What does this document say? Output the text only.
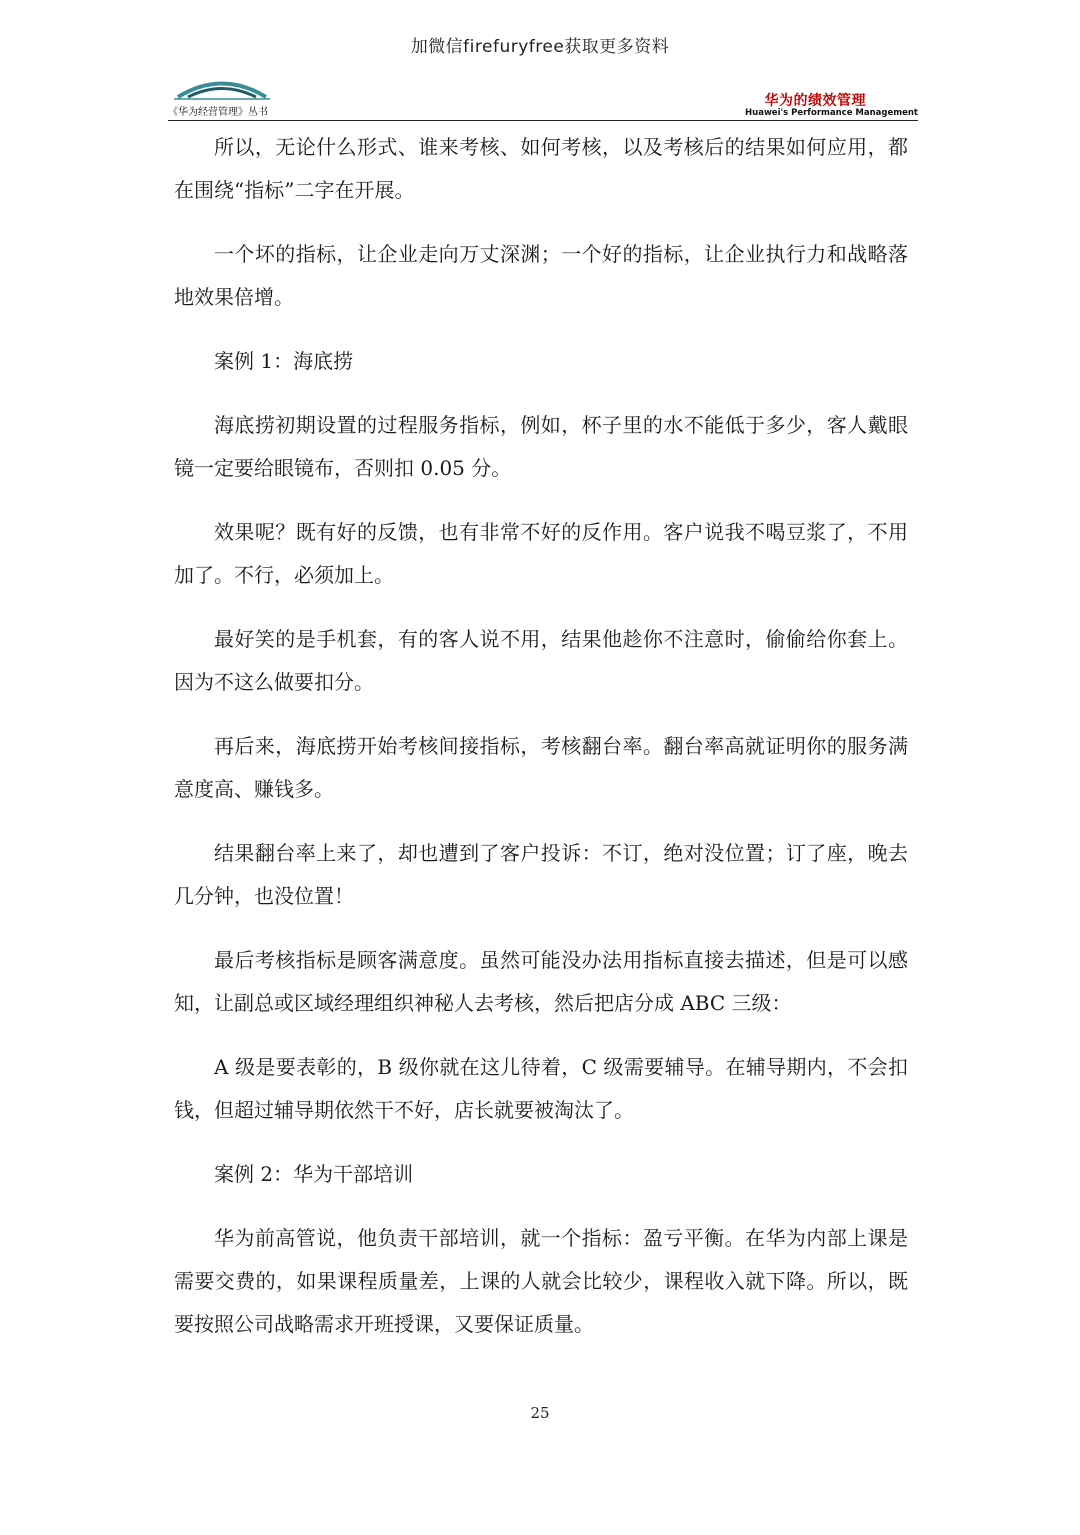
加微信firefuryfree获取更多资料
《华为经营管理》丛书
华为的绩效管理
Huawei's Performance Management

所以，无论什么形式、谁来考核、如何考核，以及考核后的结果如何应用，都在围绕“指标”二字在开展。

一个坏的指标，让企业走向万丈深渊；一个好的指标，让企业执行力和战略落地效果倍增。

案例 1：海底捞

海底捞初期设置的过程服务指标，例如，杯子里的水不能低于多少，客人戴眼镜一定要给眼镜布，否则扣 0.05 分。

效果呢？既有好的反馈，也有非常不好的反作用。客户说我不喝豆浆了，不用加了。不行，必须加上。

最好笑的是手机套，有的客人说不用，结果他趁你不注意时，偷偷给你套上。因为不这么做要扣分。

再后来，海底捞开始考核间接指标，考核翻台率。翻台率高就证明你的服务满意度高、赚钱多。

结果翻台率上来了，却也遭到了客户投诉：不订，绝对没位置；订了座，晚去几分钟，也没位置！

最后考核指标是顾客满意度。虽然可能没办法用指标直接去描述，但是可以感知，让副总或区域经理组织神秘人去考核，然后把店分成 ABC 三级：

A 级是要表彰的，B 级你就在这儿待着，C 级需要辅导。在辅导期内，不会扣钱，但超过辅导期依然干不好，店长就要被淘汰了。

案例 2：华为干部培训

华为前高管说，他负责干部培训，就一个指标：盈亏平衡。在华为内部上课是需要交费的，如果课程质量差，上课的人就会比较少，课程收入就下降。所以，既要按照公司战略需求开班授课，又要保证质量。

25
